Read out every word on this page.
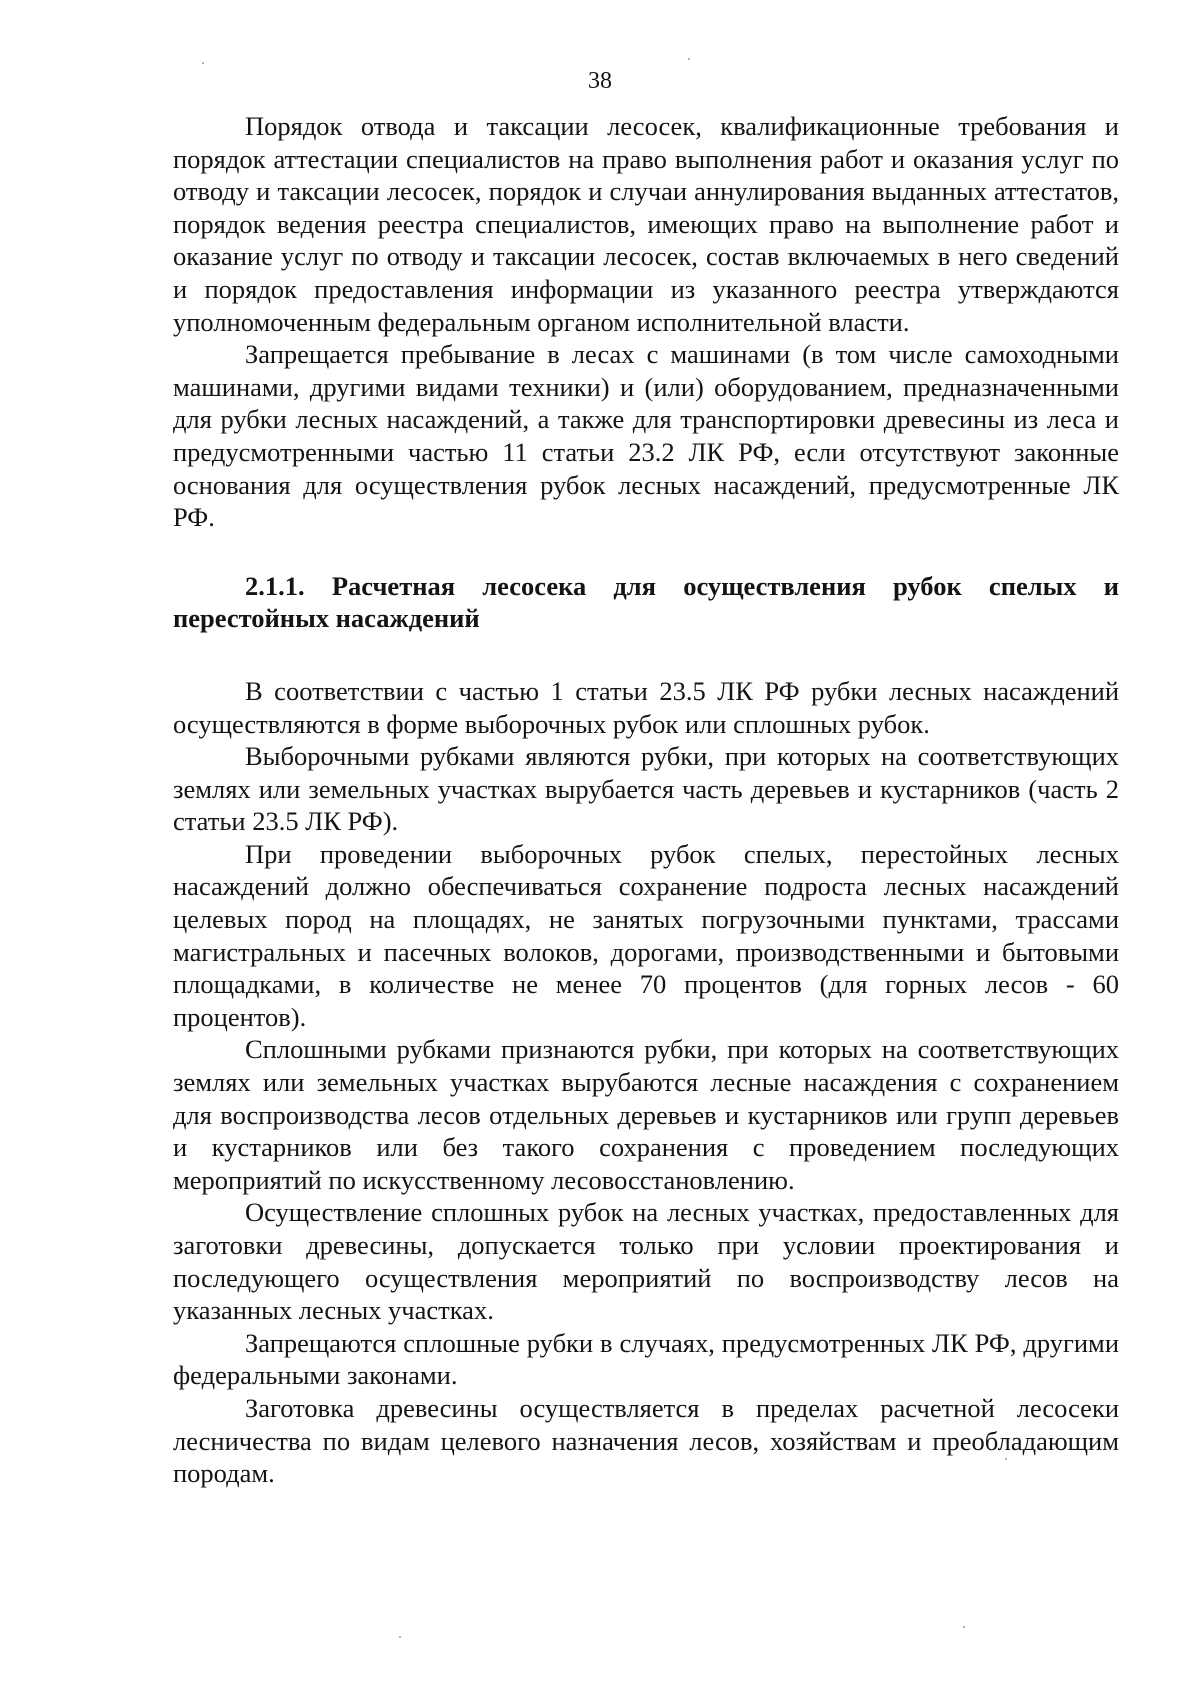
38

Порядок отвода и таксации лесосек, квалификационные требования и порядок аттестации специалистов на право выполнения работ и оказания услуг по отводу и таксации лесосек, порядок и случаи аннулирования выданных аттестатов, порядок ведения реестра специалистов, имеющих право на выполнение работ и оказание услуг по отводу и таксации лесосек, состав включаемых в него сведений и порядок предоставления информации из указанного реестра утверждаются уполномоченным федеральным органом исполнительной власти.

Запрещается пребывание в лесах с машинами (в том числе самоходными машинами, другими видами техники) и (или) оборудованием, предназначенными для рубки лесных насаждений, а также для транспортировки древесины из леса и предусмотренными частью 11 статьи 23.2 ЛК РФ, если отсутствуют законные основания для осуществления рубок лесных насаждений, предусмотренные ЛК РФ.

2.1.1. Расчетная лесосека для осуществления рубок спелых и перестойных насаждений

В соответствии с частью 1 статьи 23.5 ЛК РФ рубки лесных насаждений осуществляются в форме выборочных рубок или сплошных рубок.

Выборочными рубками являются рубки, при которых на соответствующих землях или земельных участках вырубается часть деревьев и кустарников (часть 2 статьи 23.5 ЛК РФ).

При проведении выборочных рубок спелых, перестойных лесных насаждений должно обеспечиваться сохранение подроста лесных насаждений целевых пород на площадях, не занятых погрузочными пунктами, трассами магистральных и пасечных волоков, дорогами, производственными и бытовыми площадками, в количестве не менее 70 процентов (для горных лесов - 60 процентов).

Сплошными рубками признаются рубки, при которых на соответствующих землях или земельных участках вырубаются лесные насаждения с сохранением для воспроизводства лесов отдельных деревьев и кустарников или групп деревьев и кустарников или без такого сохранения с проведением последующих мероприятий по искусственному лесовосстановлению.

Осуществление сплошных рубок на лесных участках, предоставленных для заготовки древесины, допускается только при условии проектирования и последующего осуществления мероприятий по воспроизводству лесов на указанных лесных участках.

Запрещаются сплошные рубки в случаях, предусмотренных ЛК РФ, другими федеральными законами.

Заготовка древесины осуществляется в пределах расчетной лесосеки лесничества по видам целевого назначения лесов, хозяйствам и преобладающим породам.
